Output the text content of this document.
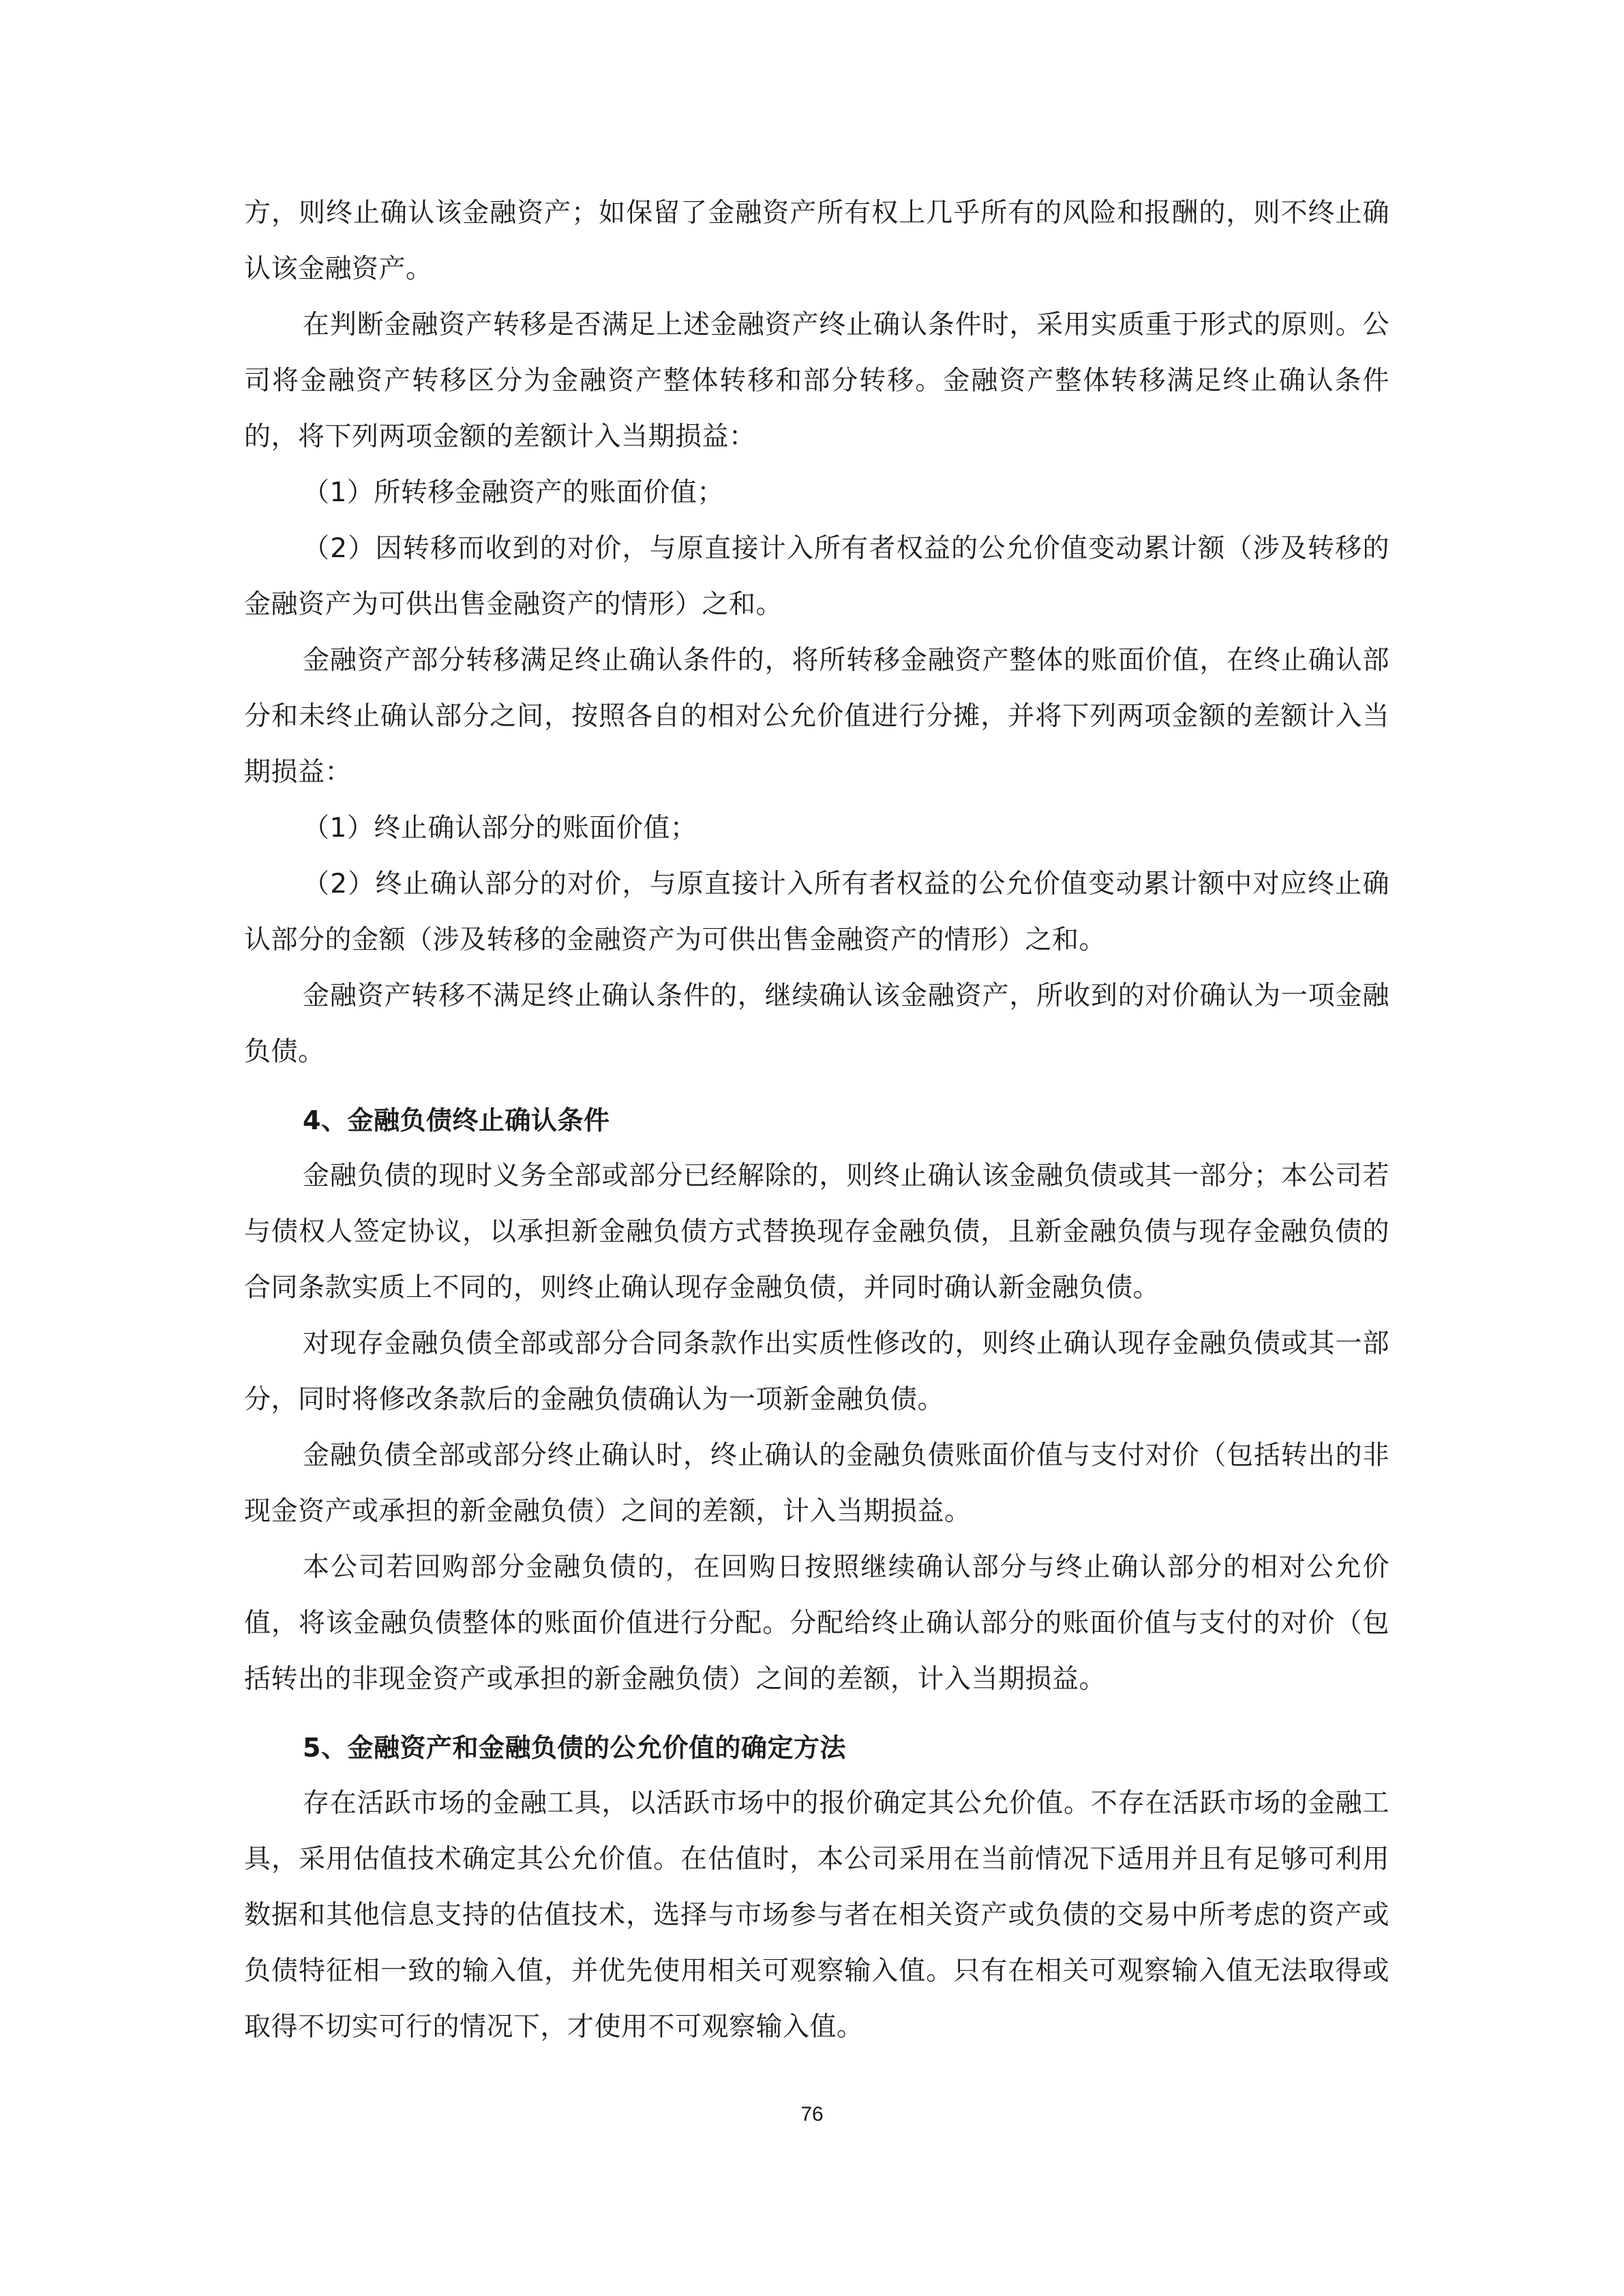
方，则终止确认该金融资产；如保留了金融资产所有权上几乎所有的风险和报酬的，则不终止确认该金融资产。

在判断金融资产转移是否满足上述金融资产终止确认条件时，采用实质重于形式的原则。公司将金融资产转移区分为金融资产整体转移和部分转移。金融资产整体转移满足终止确认条件的，将下列两项金额的差额计入当期损益：

（1）所转移金融资产的账面价值；

（2）因转移而收到的对价，与原直接计入所有者权益的公允价值变动累计额（涉及转移的金融资产为可供出售金融资产的情形）之和。

金融资产部分转移满足终止确认条件的，将所转移金融资产整体的账面价值，在终止确认部分和未终止确认部分之间，按照各自的相对公允价值进行分摊，并将下列两项金额的差额计入当期损益：

（1）终止确认部分的账面价值；

（2）终止确认部分的对价，与原直接计入所有者权益的公允价值变动累计额中对应终止确认部分的金额（涉及转移的金融资产为可供出售金融资产的情形）之和。

金融资产转移不满足终止确认条件的，继续确认该金融资产，所收到的对价确认为一项金融负债。

4、金融负债终止确认条件

金融负债的现时义务全部或部分已经解除的，则终止确认该金融负债或其一部分；本公司若与债权人签定协议，以承担新金融负债方式替换现存金融负债，且新金融负债与现存金融负债的合同条款实质上不同的，则终止确认现存金融负债，并同时确认新金融负债。

对现存金融负债全部或部分合同条款作出实质性修改的，则终止确认现存金融负债或其一部分，同时将修改条款后的金融负债确认为一项新金融负债。

金融负债全部或部分终止确认时，终止确认的金融负债账面价值与支付对价（包括转出的非现金资产或承担的新金融负债）之间的差额，计入当期损益。

本公司若回购部分金融负债的，在回购日按照继续确认部分与终止确认部分的相对公允价值，将该金融负债整体的账面价值进行分配。分配给终止确认部分的账面价值与支付的对价（包括转出的非现金资产或承担的新金融负债）之间的差额，计入当期损益。

5、金融资产和金融负债的公允价值的确定方法

存在活跃市场的金融工具，以活跃市场中的报价确定其公允价值。不存在活跃市场的金融工具，采用估值技术确定其公允价值。在估值时，本公司采用在当前情况下适用并且有足够可利用数据和其他信息支持的估值技术，选择与市场参与者在相关资产或负债的交易中所考虑的资产或负债特征相一致的输入值，并优先使用相关可观察输入值。只有在相关可观察输入值无法取得或取得不切实可行的情况下，才使用不可观察输入值。

76
